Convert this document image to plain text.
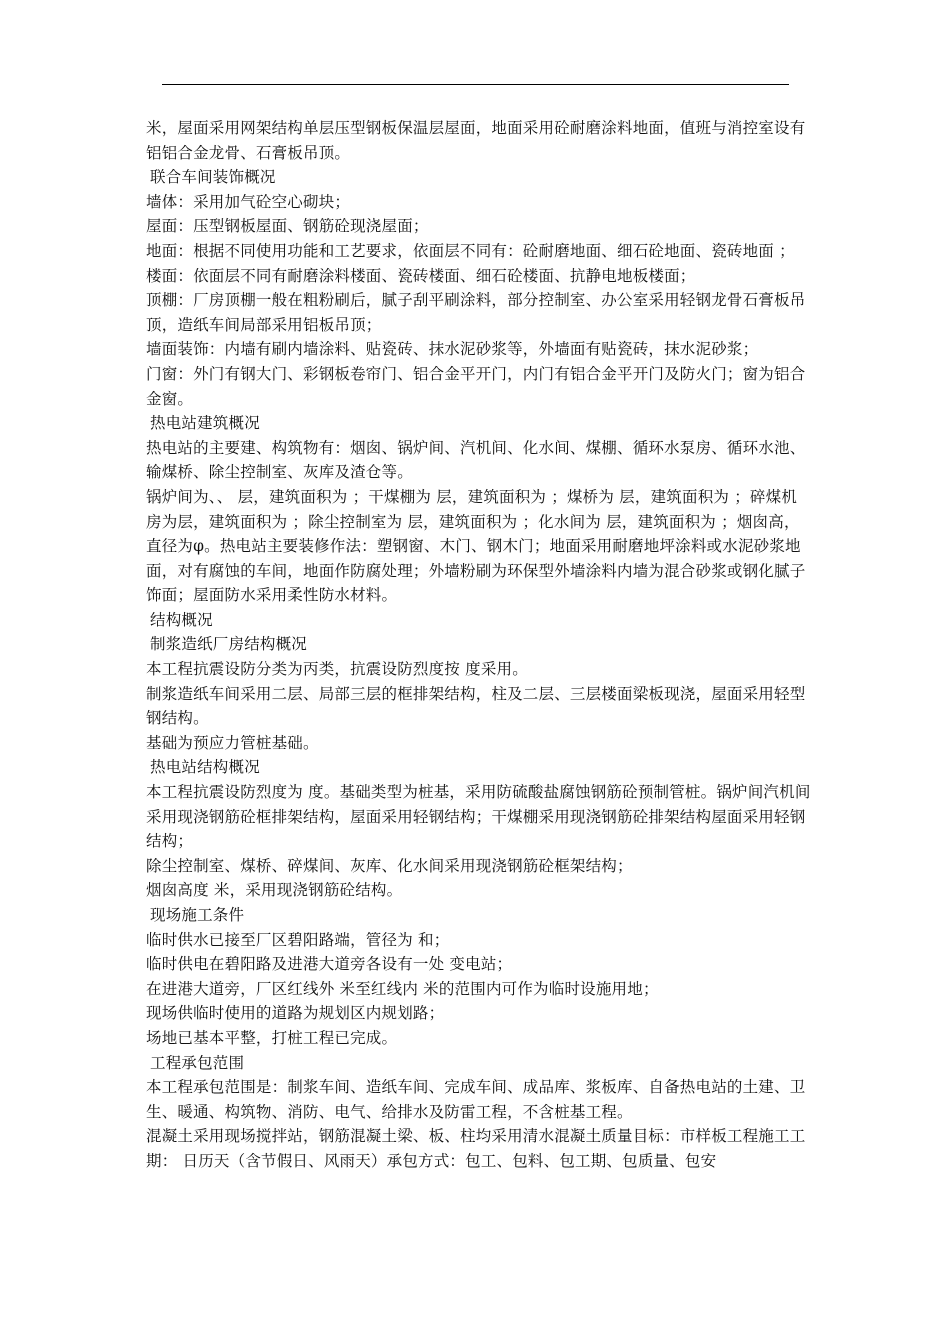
米，屋面采用网架结构单层压型钢板保温层屋面，地面采用砼耐磨涂料地面，值班与消控室设有铝铝合金龙骨、石膏板吊顶。

联合车间装饰概况

墙体：采用加气砼空心砌块；

屋面：压型钢板屋面、钢筋砼现浇屋面；

地面：根据不同使用功能和工艺要求，依面层不同有：砼耐磨地面、细石砼地面、瓷砖地面 ；

楼面：依面层不同有耐磨涂料楼面、瓷砖楼面、细石砼楼面、抗静电地板楼面；

顶棚：厂房顶棚一般在粗粉刷后，腻子刮平刷涂料，部分控制室、办公室采用轻钢龙骨石膏板吊顶，造纸车间局部采用铝板吊顶；

墙面装饰：内墙有刷内墙涂料、贴瓷砖、抹水泥砂浆等，外墙面有贴瓷砖，抹水泥砂浆；

门窗：外门有钢大门、彩钢板卷帘门、铝合金平开门，内门有铝合金平开门及防火门；窗为铝合金窗。

热电站建筑概况

热电站的主要建、构筑物有：烟囱、锅炉间、汽机间、化水间、煤棚、循环水泵房、循环水池、输煤桥、除尘控制室、灰库及渣仓等。

锅炉间为、、 层，建筑面积为 ；干煤棚为 层，建筑面积为 ；煤桥为 层，建筑面积为 ；碎煤机房为层，建筑面积为 ；除尘控制室为 层，建筑面积为 ；化水间为 层，建筑面积为 ；烟囱高，直径为φ。热电站主要装修作法：塑钢窗、木门、钢木门；地面采用耐磨地坪涂料或水泥砂浆地面，对有腐蚀的车间，地面作防腐处理；外墙粉刷为环保型外墙涂料内墙为混合砂浆或钢化腻子饰面；屋面防水采用柔性防水材料。

结构概况

制浆造纸厂房结构概况

本工程抗震设防分类为丙类，抗震设防烈度按 度采用。

制浆造纸车间采用二层、局部三层的框排架结构，柱及二层、三层楼面梁板现浇，屋面采用轻型钢结构。

基础为预应力管桩基础。

热电站结构概况

本工程抗震设防烈度为 度。基础类型为桩基，采用防硫酸盐腐蚀钢筋砼预制管桩。锅炉间汽机间采用现浇钢筋砼框排架结构，屋面采用轻钢结构；干煤棚采用现浇钢筋砼排架结构屋面采用轻钢结构；

除尘控制室、煤桥、碎煤间、灰库、化水间采用现浇钢筋砼框架结构；

烟囱高度 米，采用现浇钢筋砼结构。

现场施工条件

临时供水已接至厂区碧阳路端，管径为 和；

临时供电在碧阳路及进港大道旁各设有一处 变电站；

在进港大道旁，厂区红线外 米至红线内 米的范围内可作为临时设施用地；

现场供临时使用的道路为规划区内规划路；

场地已基本平整，打桩工程已完成。

工程承包范围

本工程承包范围是：制浆车间、造纸车间、完成车间、成品库、浆板库、自备热电站的土建、卫生、暖通、构筑物、消防、电气、给排水及防雷工程，不含桩基工程。

混凝土采用现场搅拌站，钢筋混凝土梁、板、柱均采用清水混凝土质量目标：市样板工程施工工期： 日历天（含节假日、风雨天）承包方式：包工、包料、包工期、包质量、包安
